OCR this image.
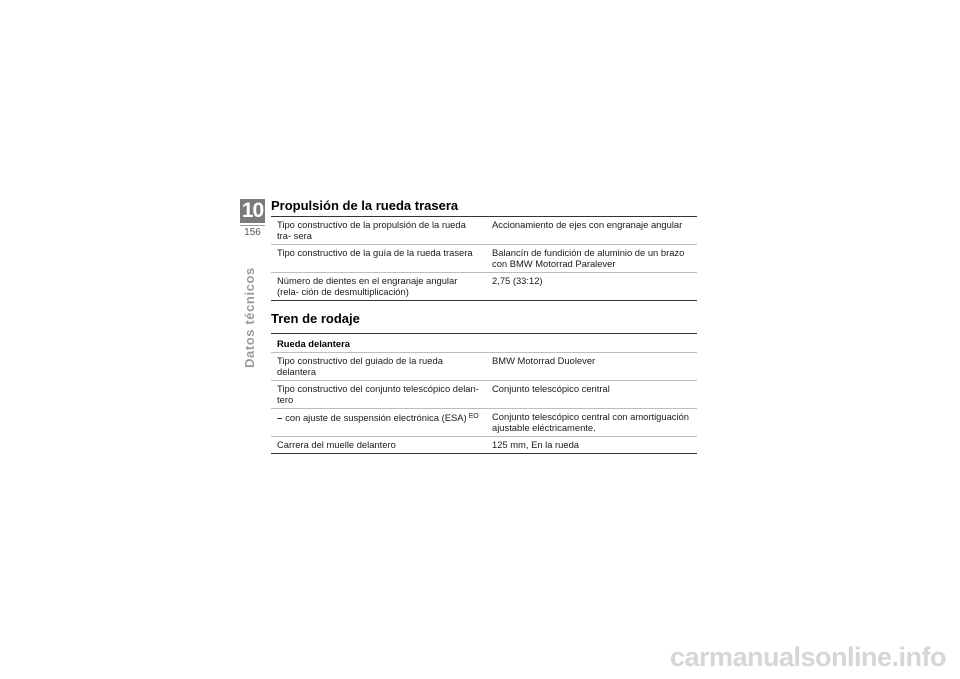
10
156
Datos técnicos
Propulsión de la rueda trasera
Tipo constructivo de la propulsión de la rueda tra- sera	Accionamiento de ejes con engranaje angular
Tipo constructivo de la guía de la rueda trasera	Balancín de fundición de aluminio de un brazo con BMW Motorrad Paralever
Número de dientes en el engranaje angular (rela- ción de desmultiplicación)	2,75 (33:12)
Tren de rodaje
Rueda delantera	
Tipo constructivo del guiado de la rueda delantera	BMW Motorrad Duolever
Tipo constructivo del conjunto telescópico delan- tero	Conjunto telescópico central
– con ajuste de suspensión electrónica (ESA) $^{EO}$	Conjunto telescópico central con amortiguación ajustable eléctricamente.
Carrera del muelle delantero	125 mm, En la rueda
carmanualsonline.info
